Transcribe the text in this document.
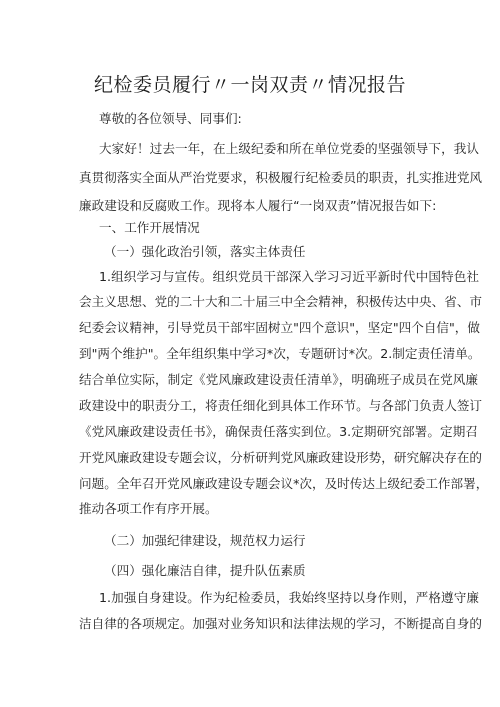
纪检委员履行〃一岗双责〃情况报告
尊敬的各位领导、同事们:
大家好！过去一年，在上级纪委和所在单位党委的坚强领导下，我认
真贯彻落实全面从严治党要求，积极履行纪检委员的职责，扎实推进党风
廉政建设和反腐败工作。现将本人履行“一岗双责”情况报告如下:
一、工作开展情况
（一）强化政治引领，落实主体责任
1.组织学习与宣传。组织党员干部深入学习习近平新时代中国特色社
会主义思想、党的二十大和二十届三中全会精神，积极传达中央、省、市
纪委会议精神，引导党员干部牢固树立"四个意识"，坚定"四个自信"，做
到"两个维护"。全年组织集中学习*次，专题研讨*次。2.制定责任清单。
结合单位实际，制定《党风廉政建设责任清单》，明确班子成员在党风廉
政建设中的职责分工，将责任细化到具体工作环节。与各部门负责人签订
《党风廉政建设责任书》，确保责任落实到位。3.定期研究部署。定期召
开党风廉政建设专题会议，分析研判党风廉政建设形势，研究解决存在的
问题。全年召开党风廉政建设专题会议*次，及时传达上级纪委工作部署，
推动各项工作有序开展。
（二）加强纪律建设，规范权力运行
（四）强化廉洁自律，提升队伍素质
1.加强自身建设。作为纪检委员，我始终坚持以身作则，严格遵守廉
洁自律的各项规定。加强对业务知识和法律法规的学习，不断提高自身的
